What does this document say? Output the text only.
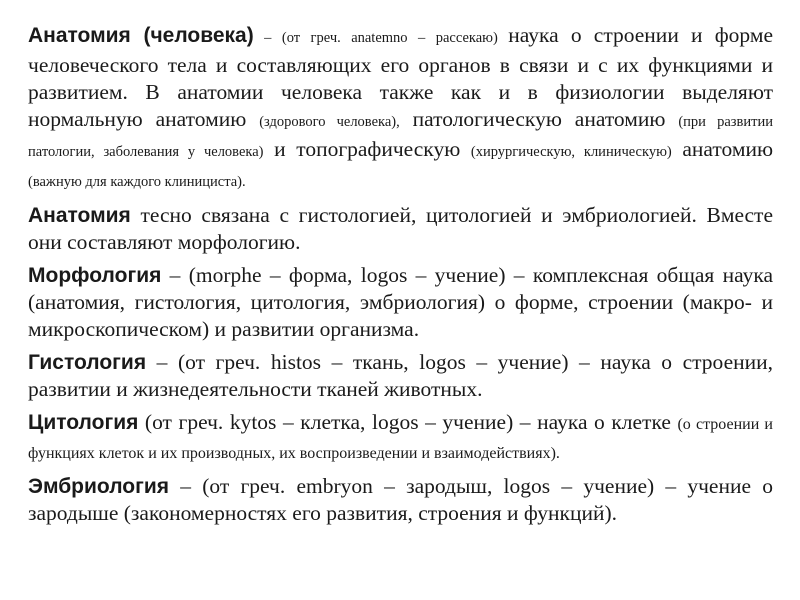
Анатомия (человека) – (от греч. anatemno – рассекаю) наука о строении и форме человеческого тела и составляющих его органов в связи и с их функциями и развитием. В анатомии человека также как и в физиологии выделяют нормальную анатомию (здорового человека), патологическую анатомию (при развитии патологии, заболевания у человека) и топографическую (хирургическую, клиническую) анатомию (важную для каждого клинициста).

Анатомия тесно связана с гистологией, цитологией и эмбриологией. Вместе они составляют морфологию.

Морфология – (morphe – форма, logos – учение) – комплексная общая наука (анатомия, гистология, цитология, эмбриология) о форме, строении (макро- и микроскопическом) и развитии организма.

Гистология – (от греч. histos – ткань, logos – учение) – наука о строении, развитии и жизнедеятельности тканей животных.

Цитология (от греч. kytos – клетка, logos – учение) – наука о клетке (о строении и функциях клеток и их производных, их воспроизведении и взаимодействиях).

Эмбриология – (от греч. embryon – зародыш, logos – учение) – учение о зародыше (закономерностях его развития, строения и функций).
